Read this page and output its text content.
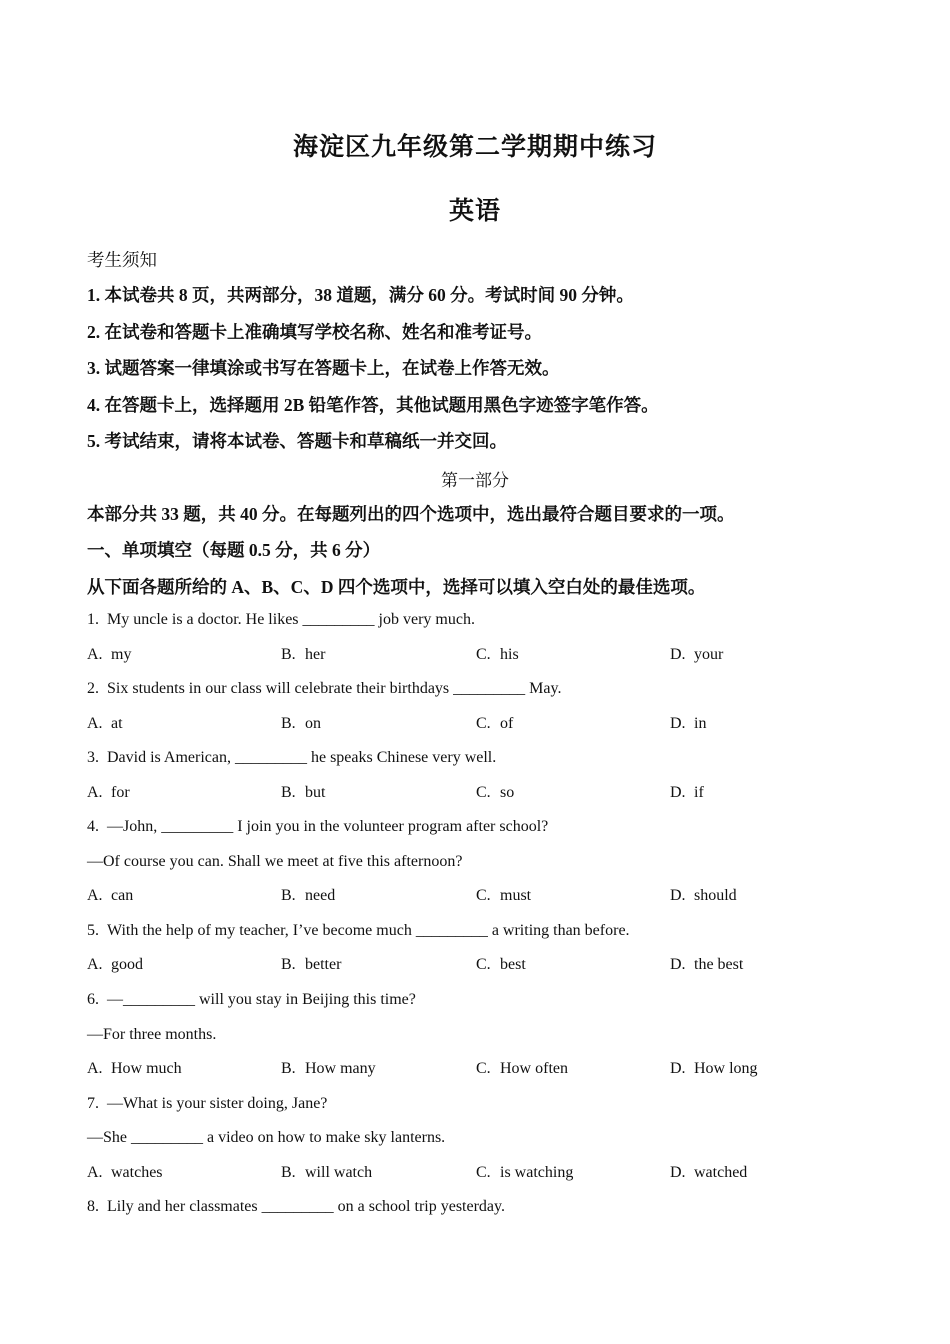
海淀区九年级第二学期期中练习
英语
考生须知
1. 本试卷共 8 页，共两部分，38 道题，满分 60 分。考试时间 90 分钟。
2. 在试卷和答题卡上准确填写学校名称、姓名和准考证号。
3. 试题答案一律填涂或书写在答题卡上，在试卷上作答无效。
4. 在答题卡上，选择题用 2B 铅笔作答，其他试题用黑色字迹签字笔作答。
5. 考试结束，请将本试卷、答题卡和草稿纸一并交回。
第一部分
本部分共 33 题，共 40 分。在每题列出的四个选项中，选出最符合题目要求的一项。
一、单项填空（每题 0.5 分，共 6 分）
从下面各题所给的 A、B、C、D 四个选项中，选择可以填入空白处的最佳选项。
1. My uncle is a doctor. He likes _________ job very much.
A. my	B. her	C. his	D. your
2. Six students in our class will celebrate their birthdays _________ May.
A. at	B. on	C. of	D. in
3. David is American, _________ he speaks Chinese very well.
A. for	B. but	C. so	D. if
4. —John, _________ I join you in the volunteer program after school?
—Of course you can. Shall we meet at five this afternoon?
A. can	B. need	C. must	D. should
5. With the help of my teacher, I’ve become much _________ a writing than before.
A. good	B. better	C. best	D. the best
6. —_________ will you stay in Beijing this time?
—For three months.
A. How much	B. How many	C. How often	D. How long
7. —What is your sister doing, Jane?
—She _________ a video on how to make sky lanterns.
A. watches	B. will watch	C. is watching	D. watched
8. Lily and her classmates _________ on a school trip yesterday.
